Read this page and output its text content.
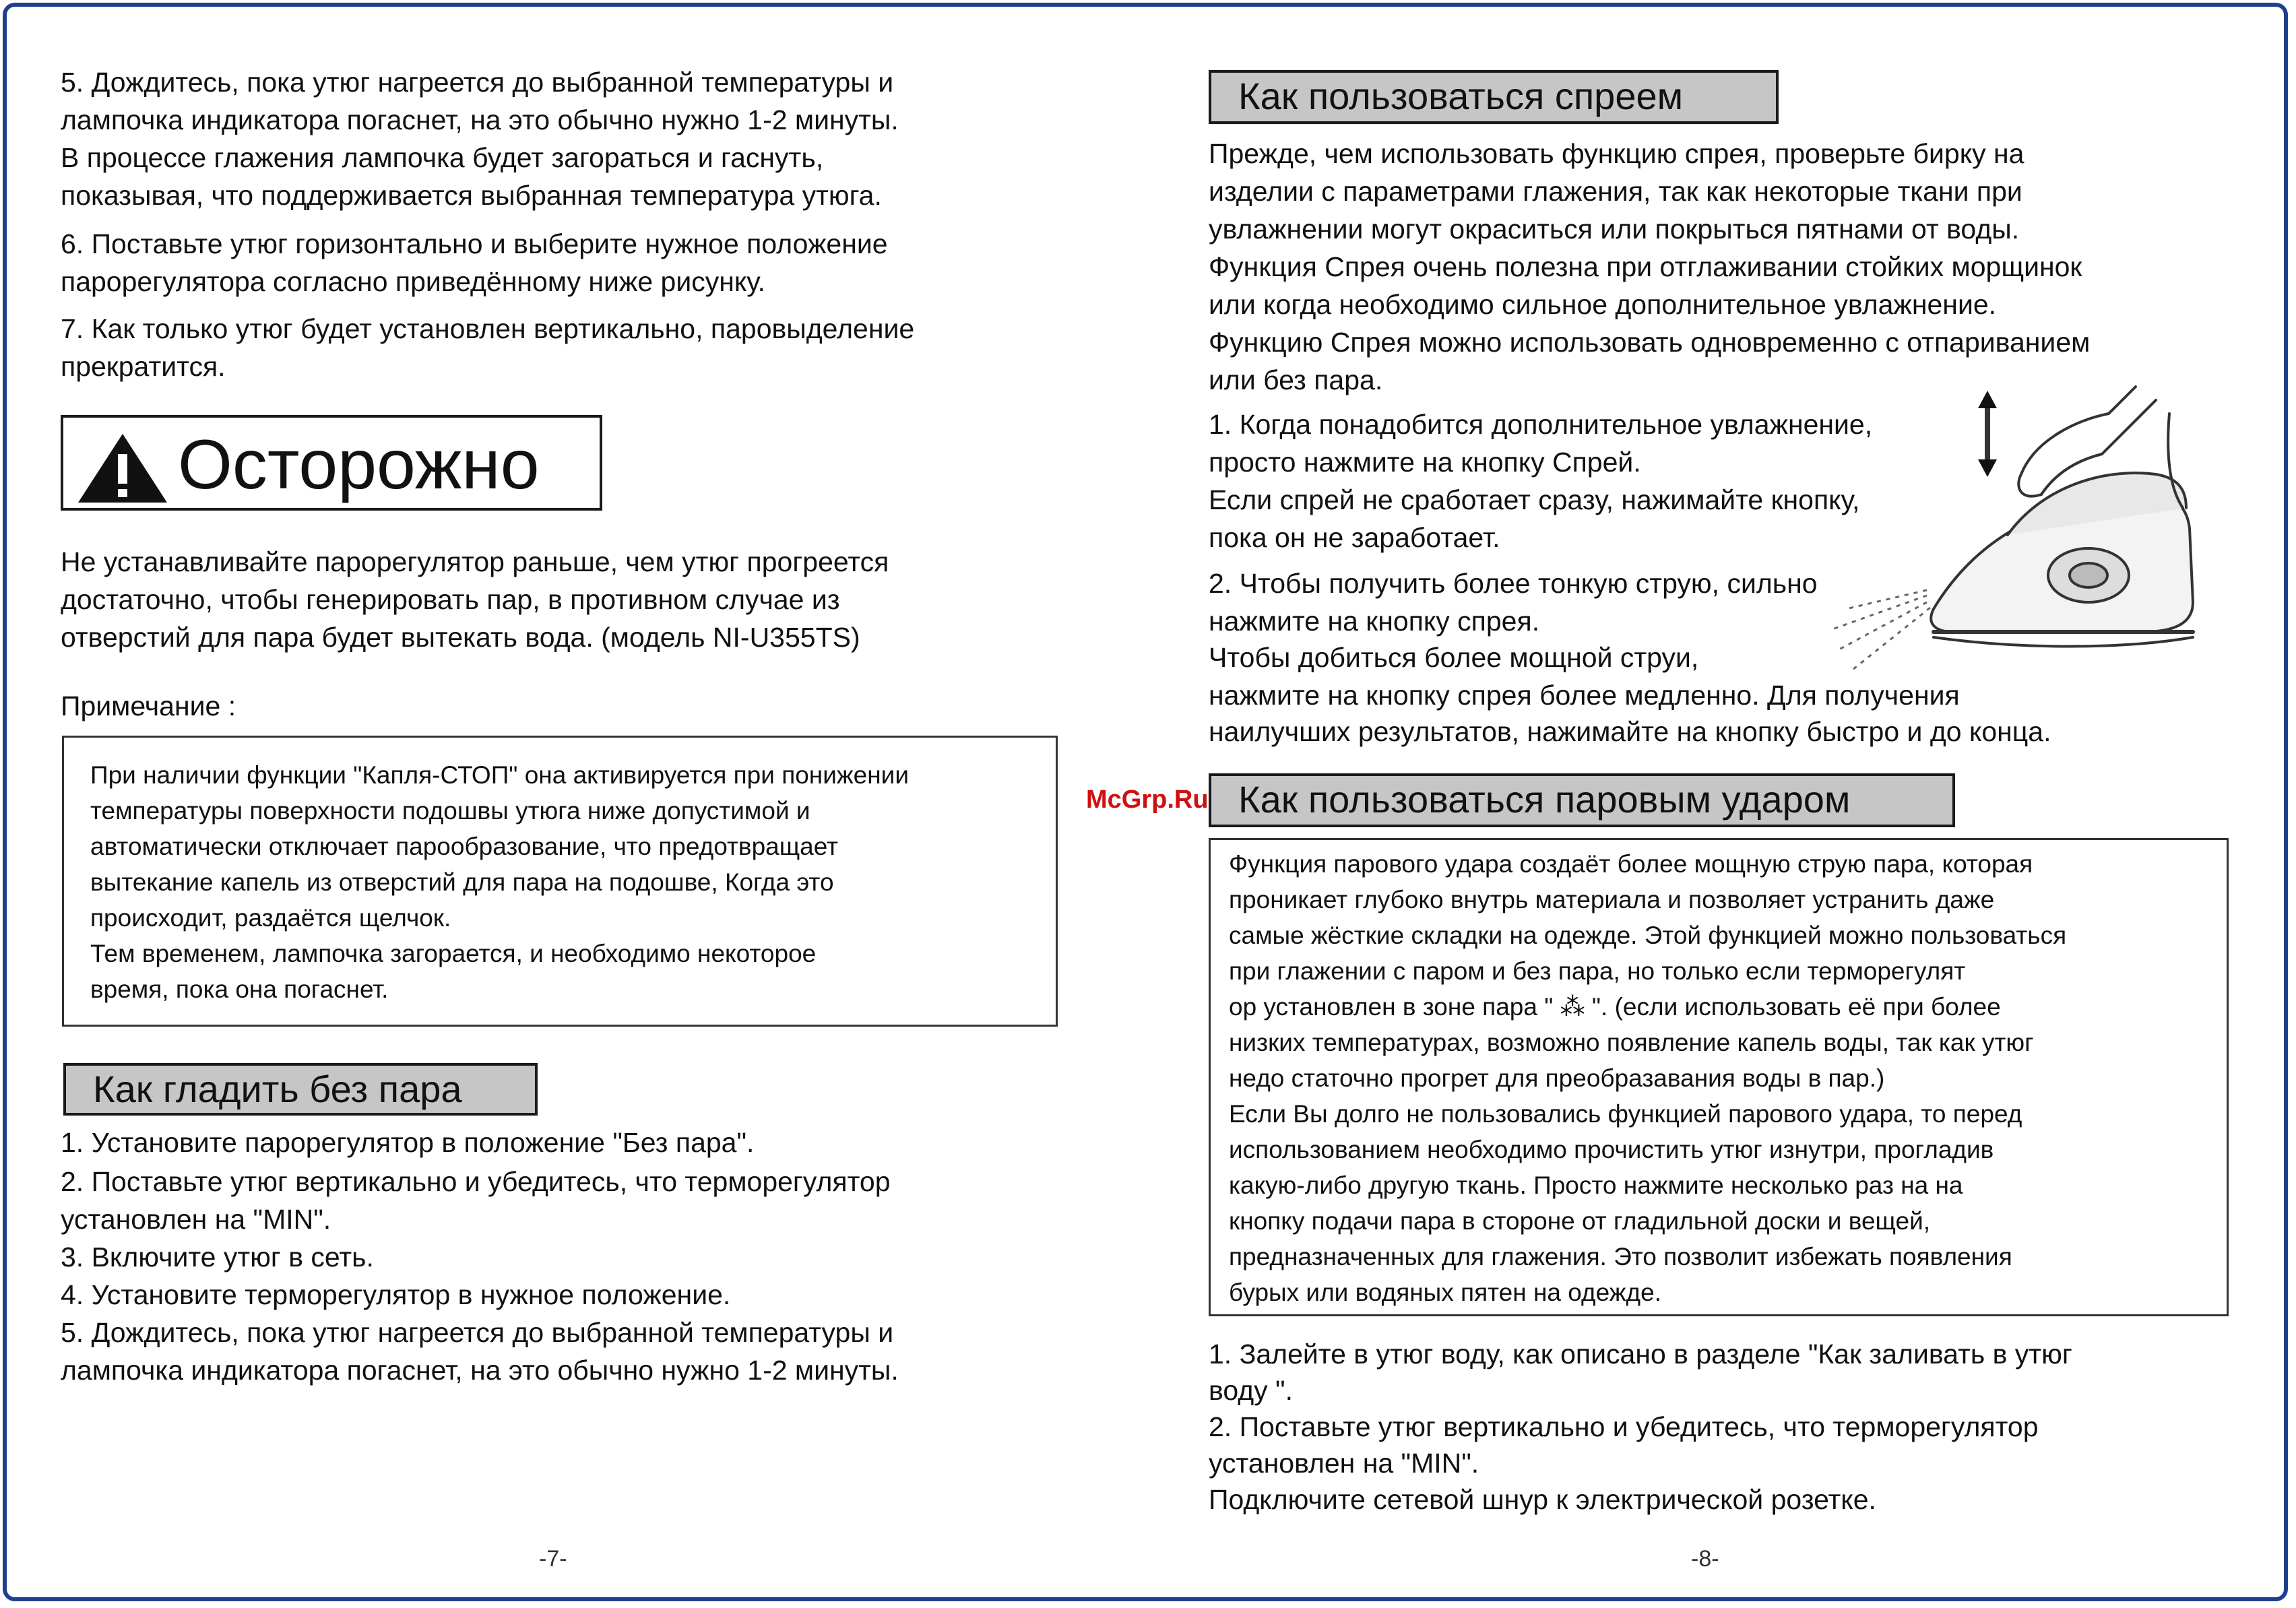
5. Дождитесь, пока утюг нагреется до выбранной температуры и
лампочка индикатора погаснет, на это обычно нужно 1-2 минуты.
В процессе глажения лампочка будет загораться и гаснуть,
показывая, что поддерживается выбранная температура утюга.
6. Поставьте утюг горизонтально и выберите нужное положение
парорегулятора согласно приведённому ниже рисунку.
7. Как только утюг будет установлен вертикально, паровыделение
прекратится.
Осторожно
Не устанавливайте парорегулятор раньше, чем утюг прогреется
достаточно, чтобы генерировать пар, в противном случае из
отверстий для пара будет вытекать вода. (модель NI-U355TS)
Примечание :
При наличии функции "Капля-СТОП" она активируется при понижении
температуры поверхности подошвы утюга ниже допустимой и
автоматически отключает парообразование, что предотвращает
вытекание капель из отверстий для пара на подошве, Когда это
происходит, раздаётся щелчок.
Тем временем, лампочка загорается, и необходимо некоторое
время, пока она погаснет.
Как гладить без пара
1. Установите парорегулятор в положение "Без пара".
2. Поставьте утюг вертикально и убедитесь, что терморегулятор
установлен на "MIN".
3. Включите утюг в сеть.
4. Установите терморегулятор в нужное положение.
5. Дождитесь, пока утюг нагреется до выбранной температуры и
лампочка индикатора погаснет, на это обычно нужно 1-2 минуты.
-7-
Как пользоваться спреем
Прежде, чем использовать функцию спрея, проверьте бирку на
изделии с параметрами глажения, так как некоторые ткани при
увлажнении могут окраситься или покрыться пятнами от воды.
Функция Спрея очень полезна при отглаживании стойких морщинок
или когда необходимо сильное дополнительное увлажнение.
Функцию Спрея можно использовать одновременно с отпариванием
или без пара.
1. Когда понадобится дополнительное увлажнение,
просто нажмите на кнопку Спрей.
Если спрей не сработает сразу, нажимайте кнопку,
пока он не заработает.
2. Чтобы получить более тонкую струю, сильно
нажмите на кнопку спрея.
Чтобы добиться более мощной струи,
нажмите на кнопку спрея более медленно. Для получения
наилучших результатов, нажимайте на кнопку быстро и до конца.
Как пользоваться паровым ударом
Функция парового удара создаёт более мощную струю пара, которая
проникает глубоко внутрь материала и позволяет устранить даже
самые жёсткие складки на одежде. Этой функцией можно пользоваться
при глажении с паром и без пара, но только если терморегулят
ор установлен в зоне пара " ⁂ ". (если использовать её при более
низких температурах, возможно появление капель воды, так как утюг
недо статочно прогрет для преобразавания воды в пар.)
Если Вы долго не пользовались функцией парового удара, то перед
использованием необходимо прочистить утюг изнутри, прогладив
какую-либо другую ткань. Просто нажмите несколько раз на на
кнопку подачи пара в стороне от гладильной доски и вещей,
предназначенных для глажения. Это позволит избежать появления
бурых или водяных пятен на одежде.
1. Залейте в утюг воду, как описано в разделе "Как заливать в утюг
воду ".
2. Поставьте утюг вертикально и убедитесь, что терморегулятор
установлен на "MIN".
Подключите сетевой шнур к электрической розетке.
-8-
McGrp.Ru
